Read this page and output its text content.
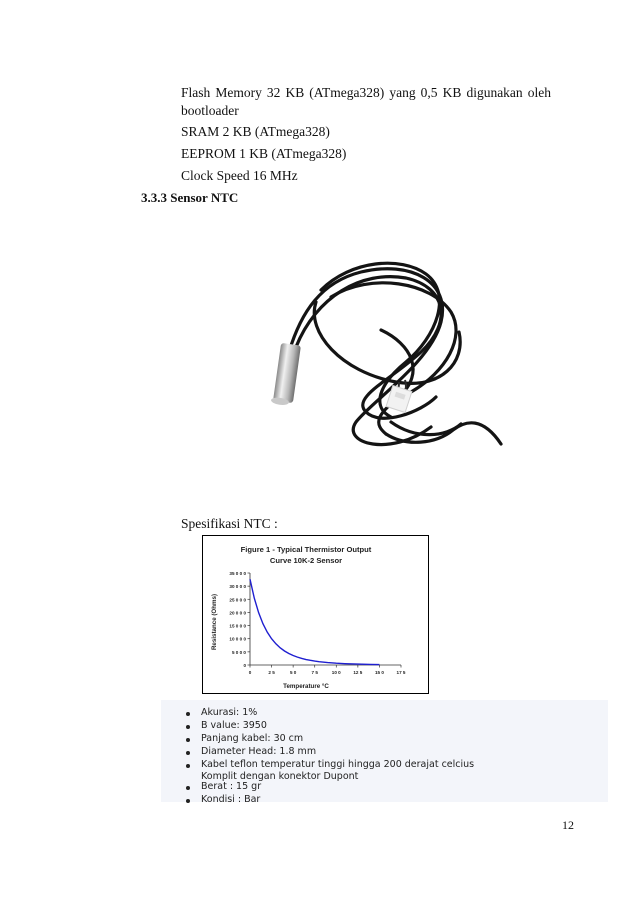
Flash Memory 32 KB (ATmega328) yang 0,5 KB digunakan oleh
bootloader
SRAM 2 KB (ATmega328)
EEPROM 1 KB (ATmega328)
Clock Speed 16 MHz
3.3.3 Sensor NTC
Spesifikasi NTC :
Figure 1 - Typical Thermistor Output
Curve 10K-2 Sensor
0
5 0 0 0
10 0 0 0
15 0 0 0
20 0 0 0
25 0 0 0
30 0 0 0
35 0 0 0
0	2 5	5 0	7 5	10 0	12 5	15 0	17 5
Temperature °C
Resistance (Ohms)
Akurasi: 1%
B value: 3950
Panjang kabel: 30 cm
Diameter Head: 1.8 mm
Kabel teflon temperatur tinggi hingga 200 derajat celcius
Komplit dengan konektor Dupont
Berat : 15 gr
Kondisi : Bar
12
